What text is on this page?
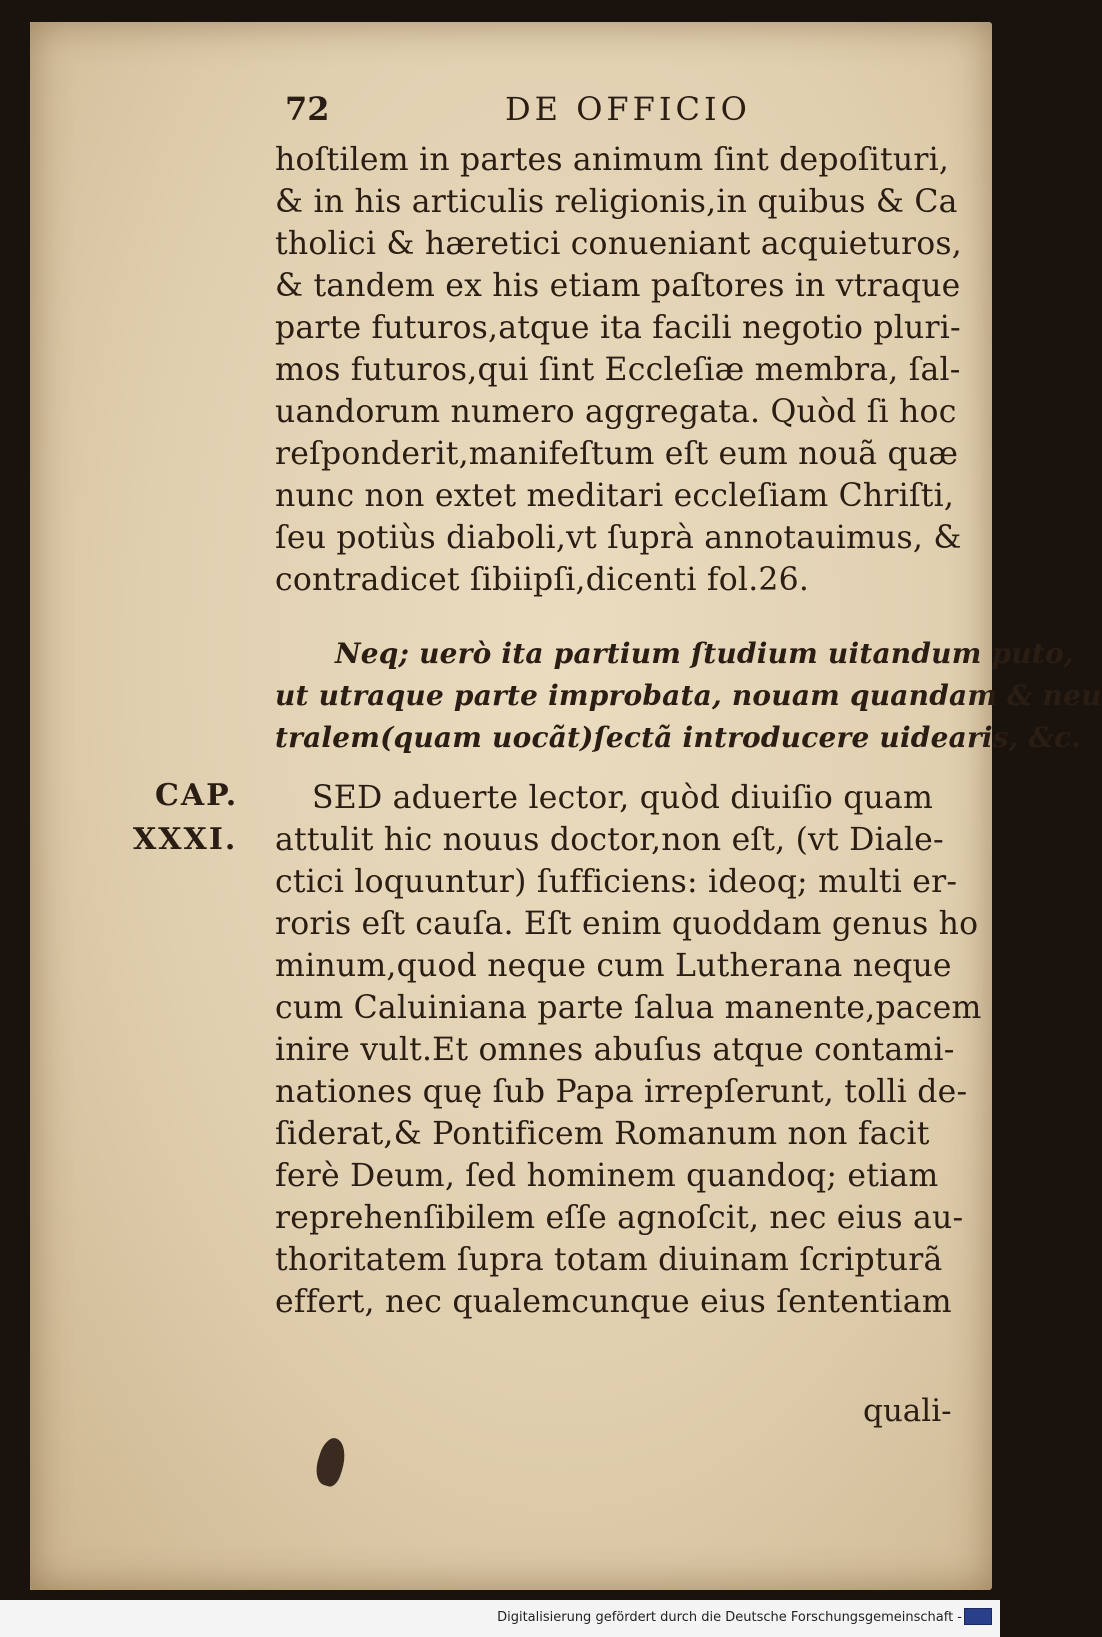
72	DE OFFICIO
hoſtilem in partes animum ſint depoſituri,
& in his articulis religionis,in quibus & Ca
tholici & hæretici conueniant acquieturos,
& tandem ex his etiam paſtores in vtraque
parte futuros,atque ita facili negotio pluri-
mos futuros,qui ſint Eccleſiæ membra, ſal-
uandorum numero aggregata. Quòd ſi hoc
reſponderit,manifeſtum eſt eum nouã quæ
nunc non extet meditari eccleſiam Chriſti,
ſeu potiùs diaboli,vt ſuprà annotauimus, &
contradicet ſibiipſi,dicenti fol.26.
Neq; uerò ita partium ſtudium uitandum puto,
ut utraque parte improbata, nouam quandam & neu
tralem(quam uocãt)ſectã introducere uidearis, &c.
CAP.
XXXI.
SED aduerte lector, quòd diuiſio quam
attulit hic nouus doctor,non eſt, (vt Diale-
ctici loquuntur) ſufficiens: ideoq; multi er-
roris eſt cauſa. Eſt enim quoddam genus ho
minum,quod neque cum Lutherana neque
cum Caluiniana parte ſalua manente,pacem
inire vult.Et omnes abuſus atque contami-
nationes quę ſub Papa irrepſerunt, tolli de-
ſiderat,& Pontificem Romanum non facit
ferè Deum, ſed hominem quandoq; etiam
reprehenſibilem eſſe agnoſcit, nec eius au-
thoritatem ſupra totam diuinam ſcripturã
effert, nec qualemcunque eius ſententiam
quali-
Digitalisierung gefördert durch die Deutsche Forschungsgemeinschaft -
